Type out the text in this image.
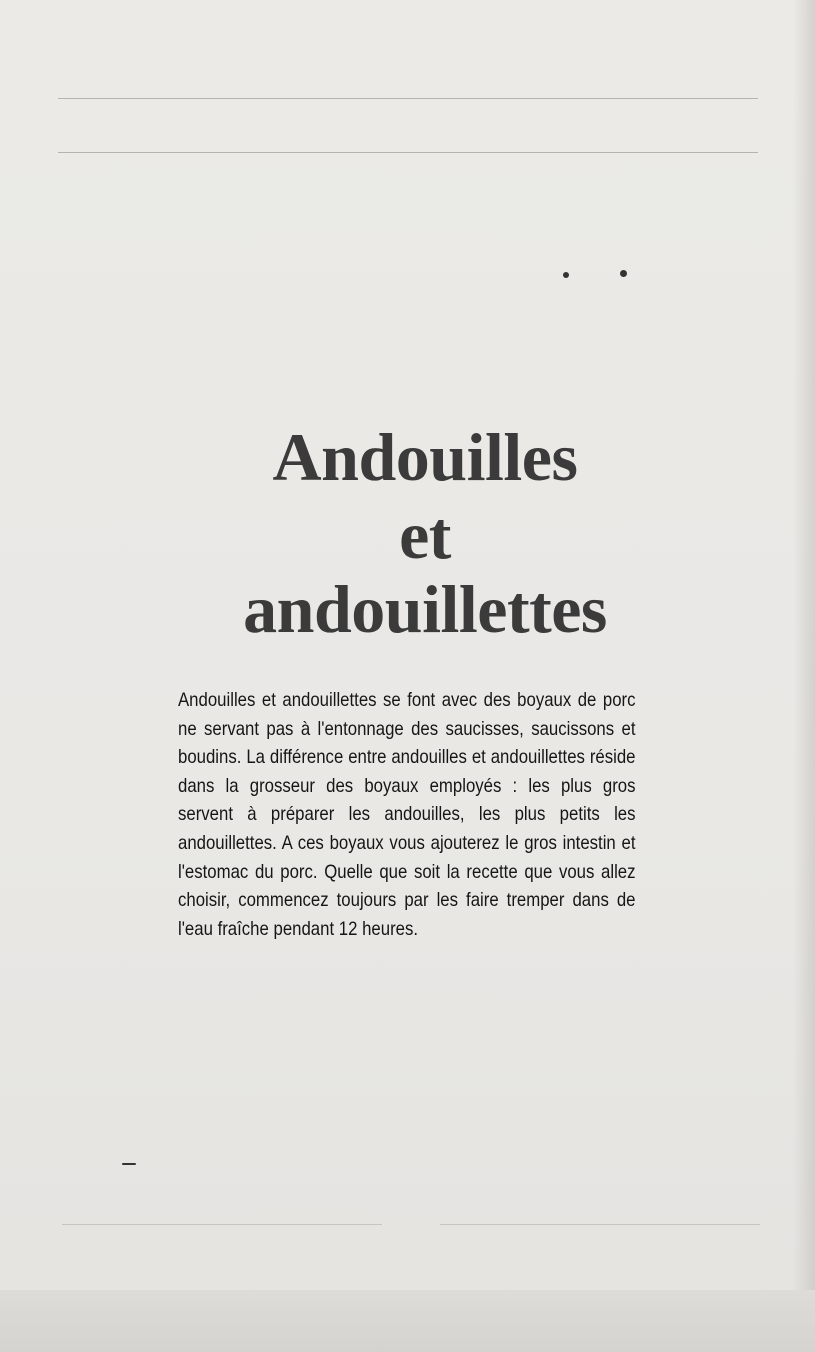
Andouilles
et
andouillettes

Andouilles et andouillettes se font avec des boyaux de porc ne servant pas à l'entonnage des saucisses, saucissons et boudins. La différence entre andouilles et andouillettes réside dans la grosseur des boyaux employés : les plus gros servent à préparer les andouilles, les plus petits les andouillettes. A ces boyaux vous ajouterez le gros intestin et l'estomac du porc. Quelle que soit la recette que vous allez choisir, commencez toujours par les faire tremper dans de l'eau fraîche pendant 12 heures.
